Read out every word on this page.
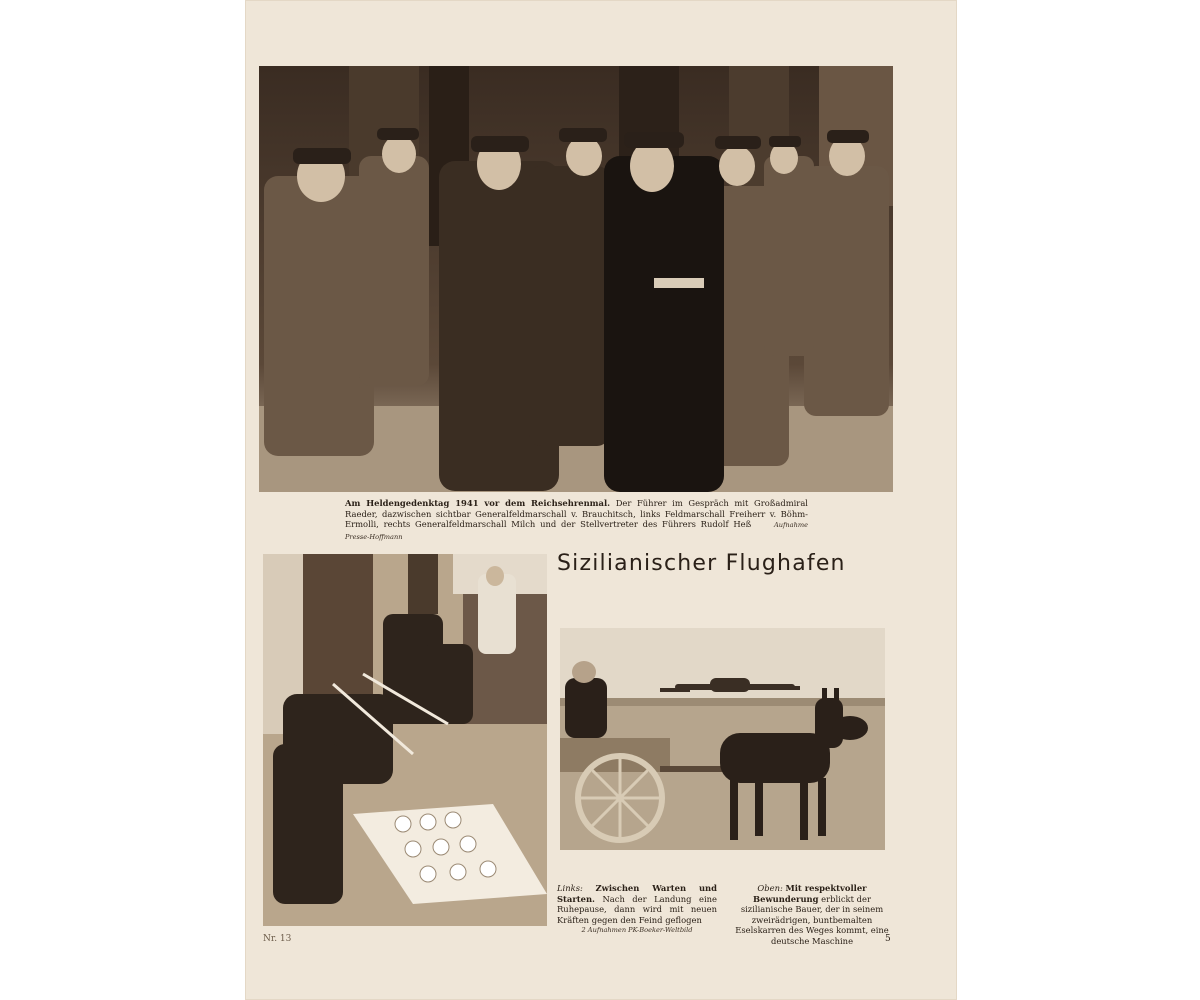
Am Heldengedenktag 1941 vor dem Reichsehrenmal. Der Führer im Gespräch mit Großadmiral Raeder, dazwischen sichtbar Generalfeldmarschall v. Brauchitsch, links Feldmarschall Freiherr v. Böhm-Ermolli, rechts Generalfeldmarschall Milch und der Stellvertreter des Führers Rudolf Heß	Aufnahme Presse-Hoffmann
Sizilianischer Flughafen
Links: Zwischen Warten und Starten. Nach der Landung eine Ruhepause, dann wird mit neuen Kräften gegen den Feind geflogen
2 Aufnahmen PK-Boeker-Weltbild
Oben: Mit respektvoller Bewunderung erblickt der sizilianische Bauer, der in seinem zweirädrigen, buntbemalten Eselskarren des Weges kommt, eine deutsche Maschine
Nr. 13	5
